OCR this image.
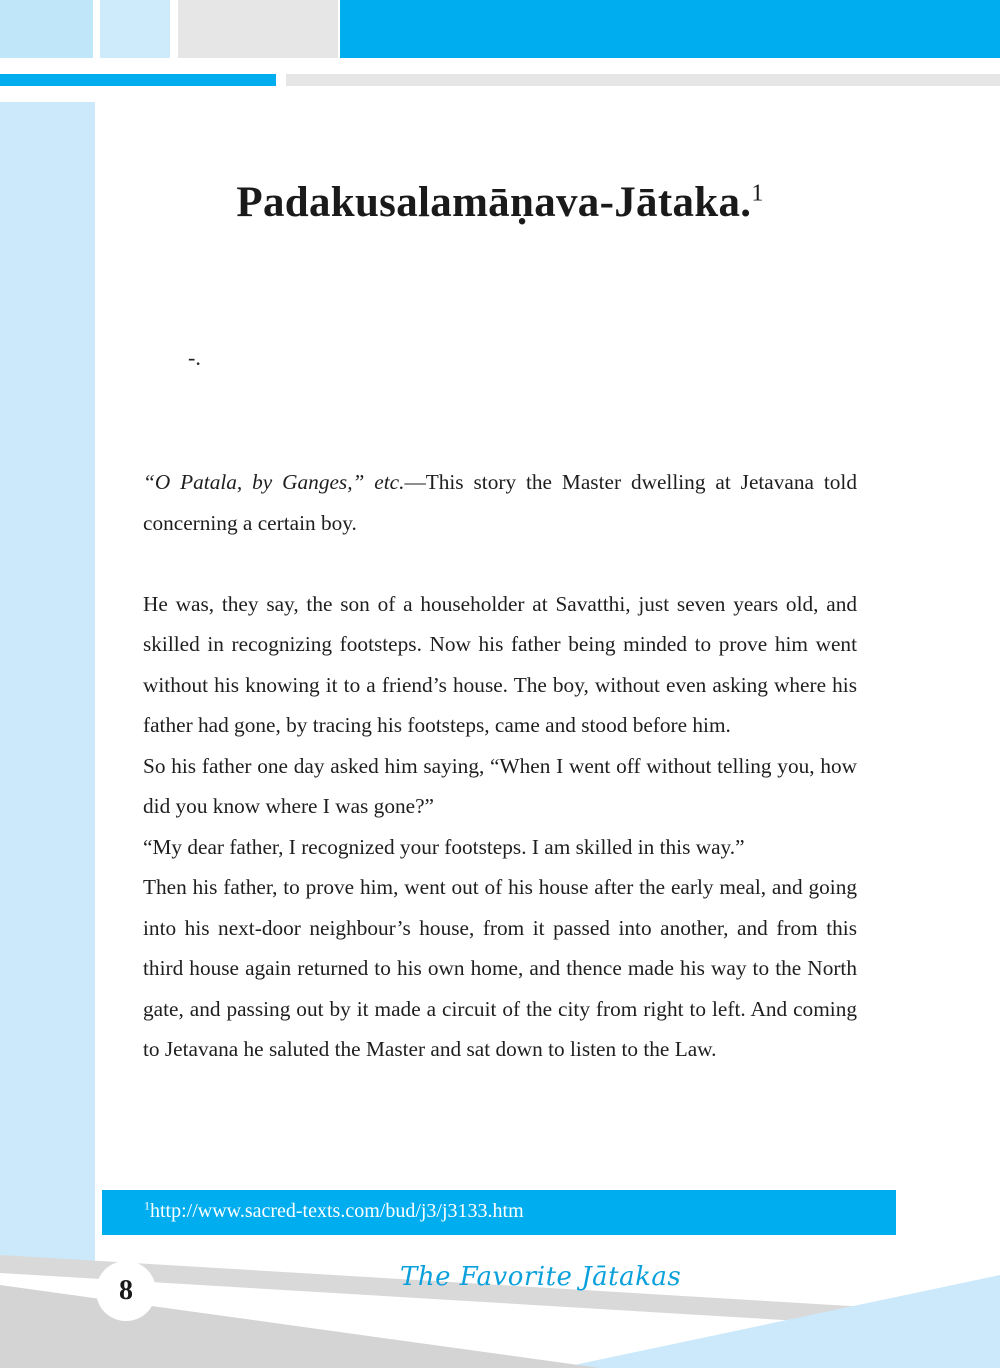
Padakusalamāṇava-Jātaka.$^1$
-.

“O Patala, by Ganges,” etc.—This story the Master dwelling at Jetavana told concerning a certain boy.

He was, they say, the son of a householder at Savatthi, just seven years old, and skilled in recognizing footsteps. Now his father being minded to prove him went without his knowing it to a friend’s house. The boy, without even asking where his father had gone, by tracing his footsteps, came and stood before him.

So his father one day asked him saying, “When I went off without telling you, how did you know where I was gone?”

“My dear father, I recognized your footsteps. I am skilled in this way.”

Then his father, to prove him, went out of his house after the early meal, and going into his next-door neighbour’s house, from it passed into another, and from this third house again returned to his own home, and thence made his way to the North gate, and passing out by it made a circuit of the city from right to left. And coming to Jetavana he saluted the Master and sat down to listen to the Law.

$^1$http://www.sacred-texts.com/bud/j3/j3133.htm
8	The Favorite Jātakas
